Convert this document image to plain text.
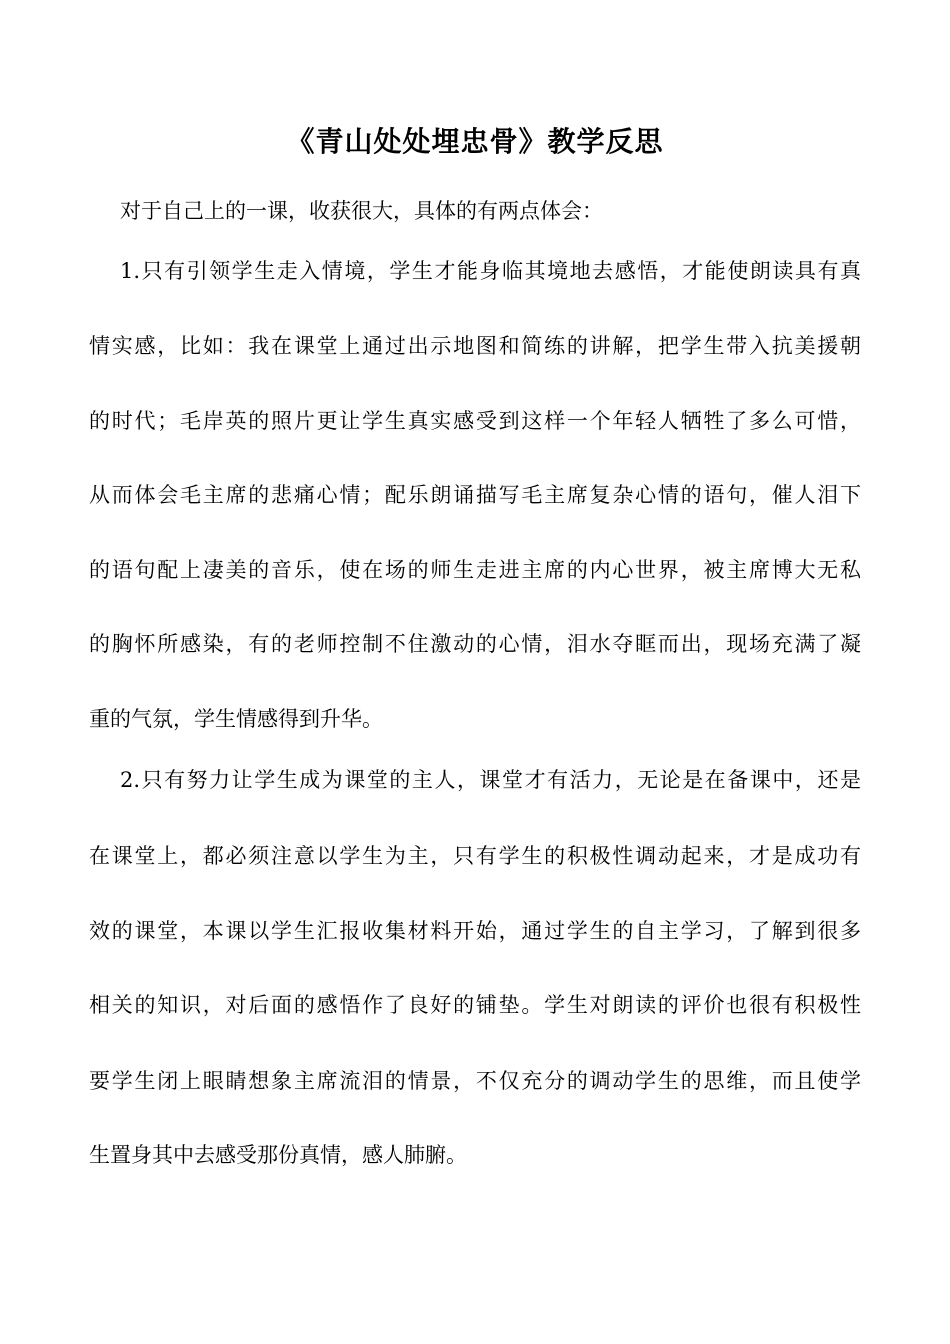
《青山处处埋忠骨》教学反思
对于自己上的一课，收获很大，具体的有两点体会：
1.只有引领学生走入情境，学生才能身临其境地去感悟，才能使朗读具有真
情实感，比如：我在课堂上通过出示地图和简练的讲解，把学生带入抗美援朝
的时代；毛岸英的照片更让学生真实感受到这样一个年轻人牺牲了多么可惜，
从而体会毛主席的悲痛心情；配乐朗诵描写毛主席复杂心情的语句，催人泪下
的语句配上凄美的音乐，使在场的师生走进主席的内心世界，被主席博大无私
的胸怀所感染，有的老师控制不住激动的心情，泪水夺眶而出，现场充满了凝
重的气氛，学生情感得到升华。
2.只有努力让学生成为课堂的主人，课堂才有活力，无论是在备课中，还是
在课堂上，都必须注意以学生为主，只有学生的积极性调动起来，才是成功有
效的课堂，本课以学生汇报收集材料开始，通过学生的自主学习，了解到很多
相关的知识，对后面的感悟作了良好的铺垫。学生对朗读的评价也很有积极性
要学生闭上眼睛想象主席流泪的情景，不仅充分的调动学生的思维，而且使学
生置身其中去感受那份真情，感人肺腑。
